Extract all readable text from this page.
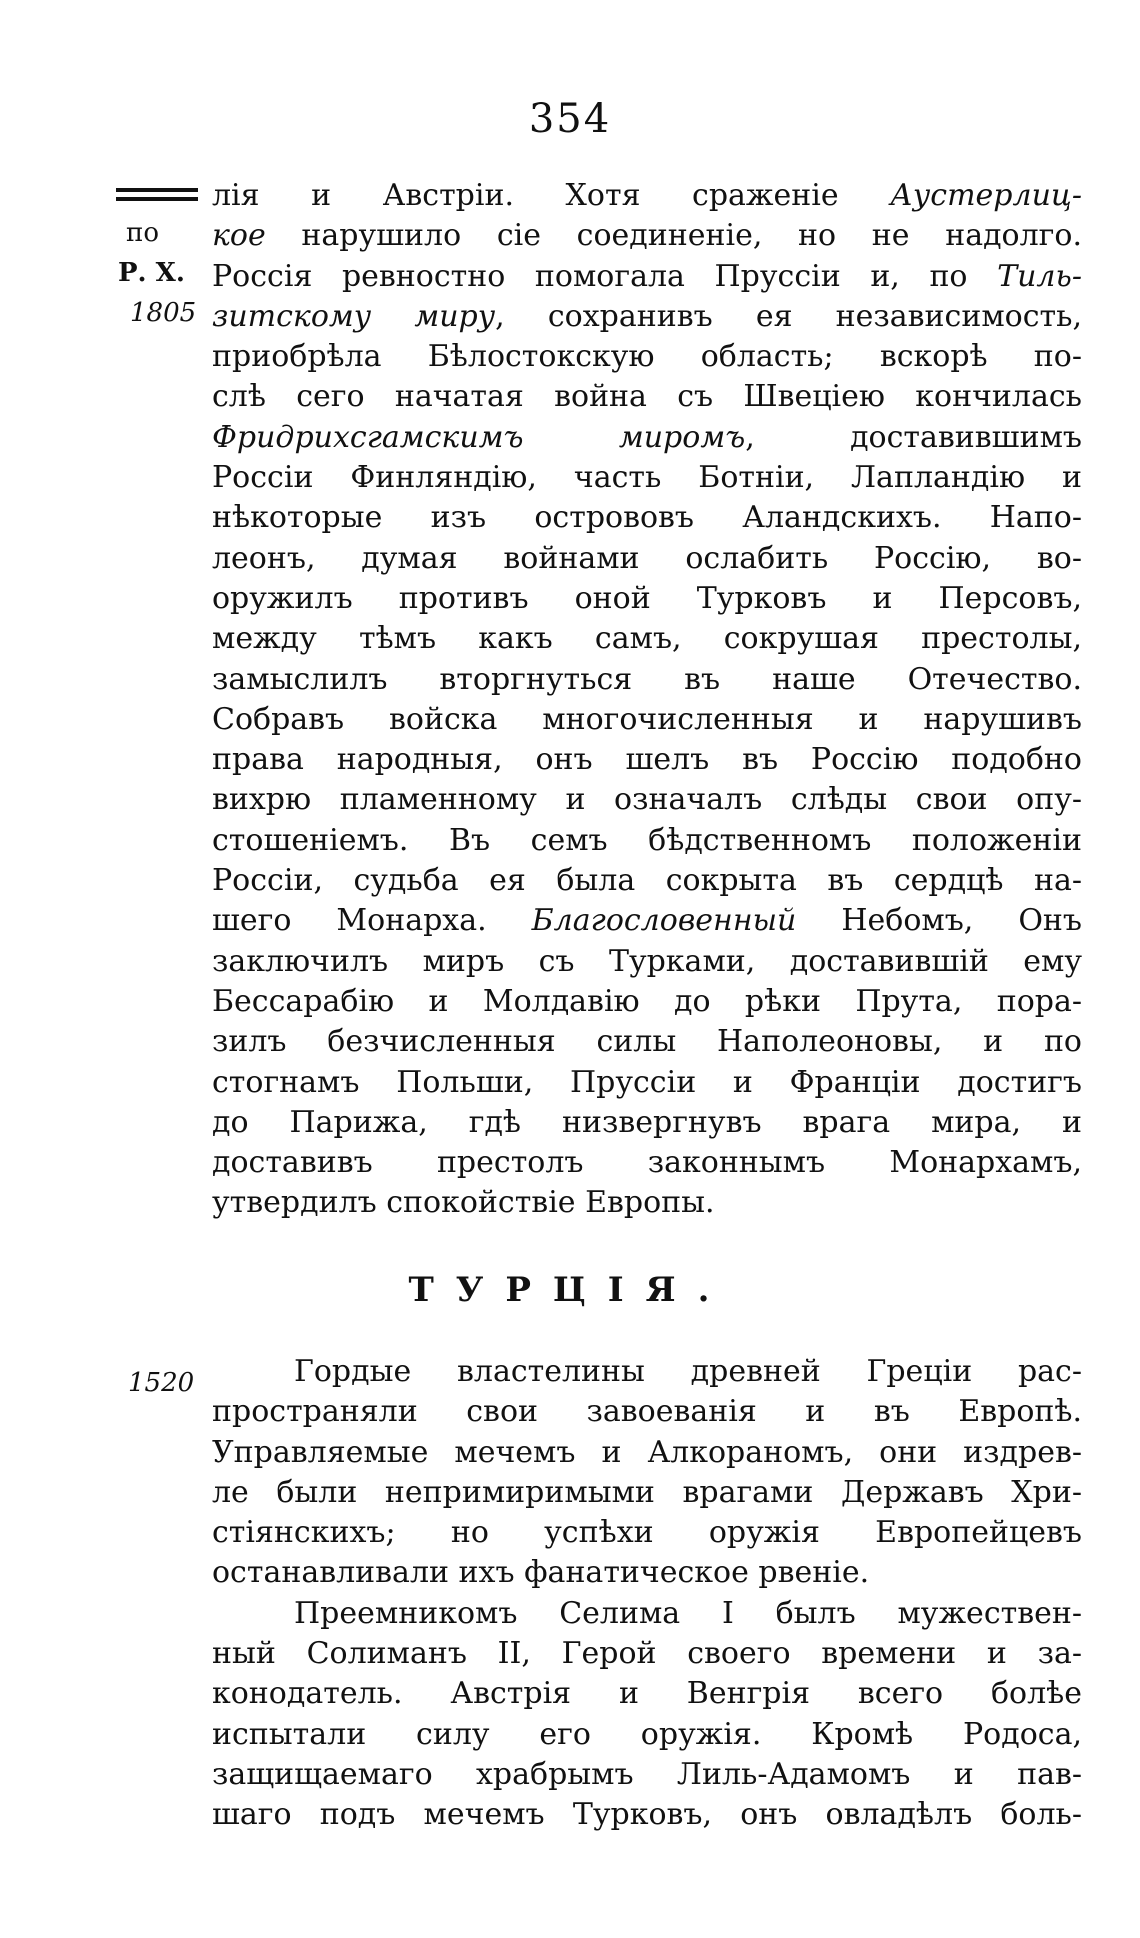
354
по
Р. Х.
1805
1520
лія и Австріи. Хотя сраженіе Аустерлиц-
кое нарушило сіе соединеніе, но не надолго.
Россія ревностно помогала Пруссіи и, по Тиль-
зитскому миру, сохранивъ ея независимость,
приобрѣла Бѣлостокскую область; вскорѣ по-
слѣ сего начатая война съ Швеціею кончилась
Фридрихсгамскимъ миромъ, доставившимъ
Россіи Финляндію, часть Ботніи, Лапландію и
нѣкоторые изъ острововъ Аландскихъ. Напо-
леонъ, думая войнами ослабить Россію, во-
оружилъ противъ оной Турковъ и Персовъ,
между тѣмъ какъ самъ, сокрушая престолы,
замыслилъ вторгнуться въ наше Отечество.
Собравъ войска многочисленныя и нарушивъ
права народныя, онъ шелъ въ Россію подобно
вихрю пламенному и означалъ слѣды свои опу-
стошеніемъ. Въ семъ бѣдственномъ положеніи
Россіи, судьба ея была сокрыта въ сердцѣ на-
шего Монарха. Благословенный Небомъ, Онъ
заключилъ миръ съ Турками, доставившій ему
Бессарабію и Молдавію до рѣки Прута, пора-
зилъ безчисленныя силы Наполеоновы, и по
стогнамъ Польши, Пруссіи и Франціи достигъ
до Парижа, гдѣ низвергнувъ врага мира, и
доставивъ престолъ законнымъ Монархамъ,
утвердилъ спокойствіе Европы.
ТУРЦІЯ.
Гордые властелины древней Греціи рас-
пространяли свои завоеванія и въ Европѣ.
Управляемые мечемъ и Алкораномъ, они издрев-
ле были непримиримыми врагами Державъ Хри-
стіянскихъ; но успѣхи оружія Европейцевъ
останавливали ихъ фанатическое рвеніе.
Преемникомъ Селима I былъ мужествен-
ный Солиманъ II, Герой своего времени и за-
конодатель. Австрія и Венгрія всего болѣе
испытали силу его оружія. Кромѣ Родоса,
защищаемаго храбрымъ Лиль-Адамомъ и пав-
шаго подъ мечемъ Турковъ, онъ овладѣлъ боль-
